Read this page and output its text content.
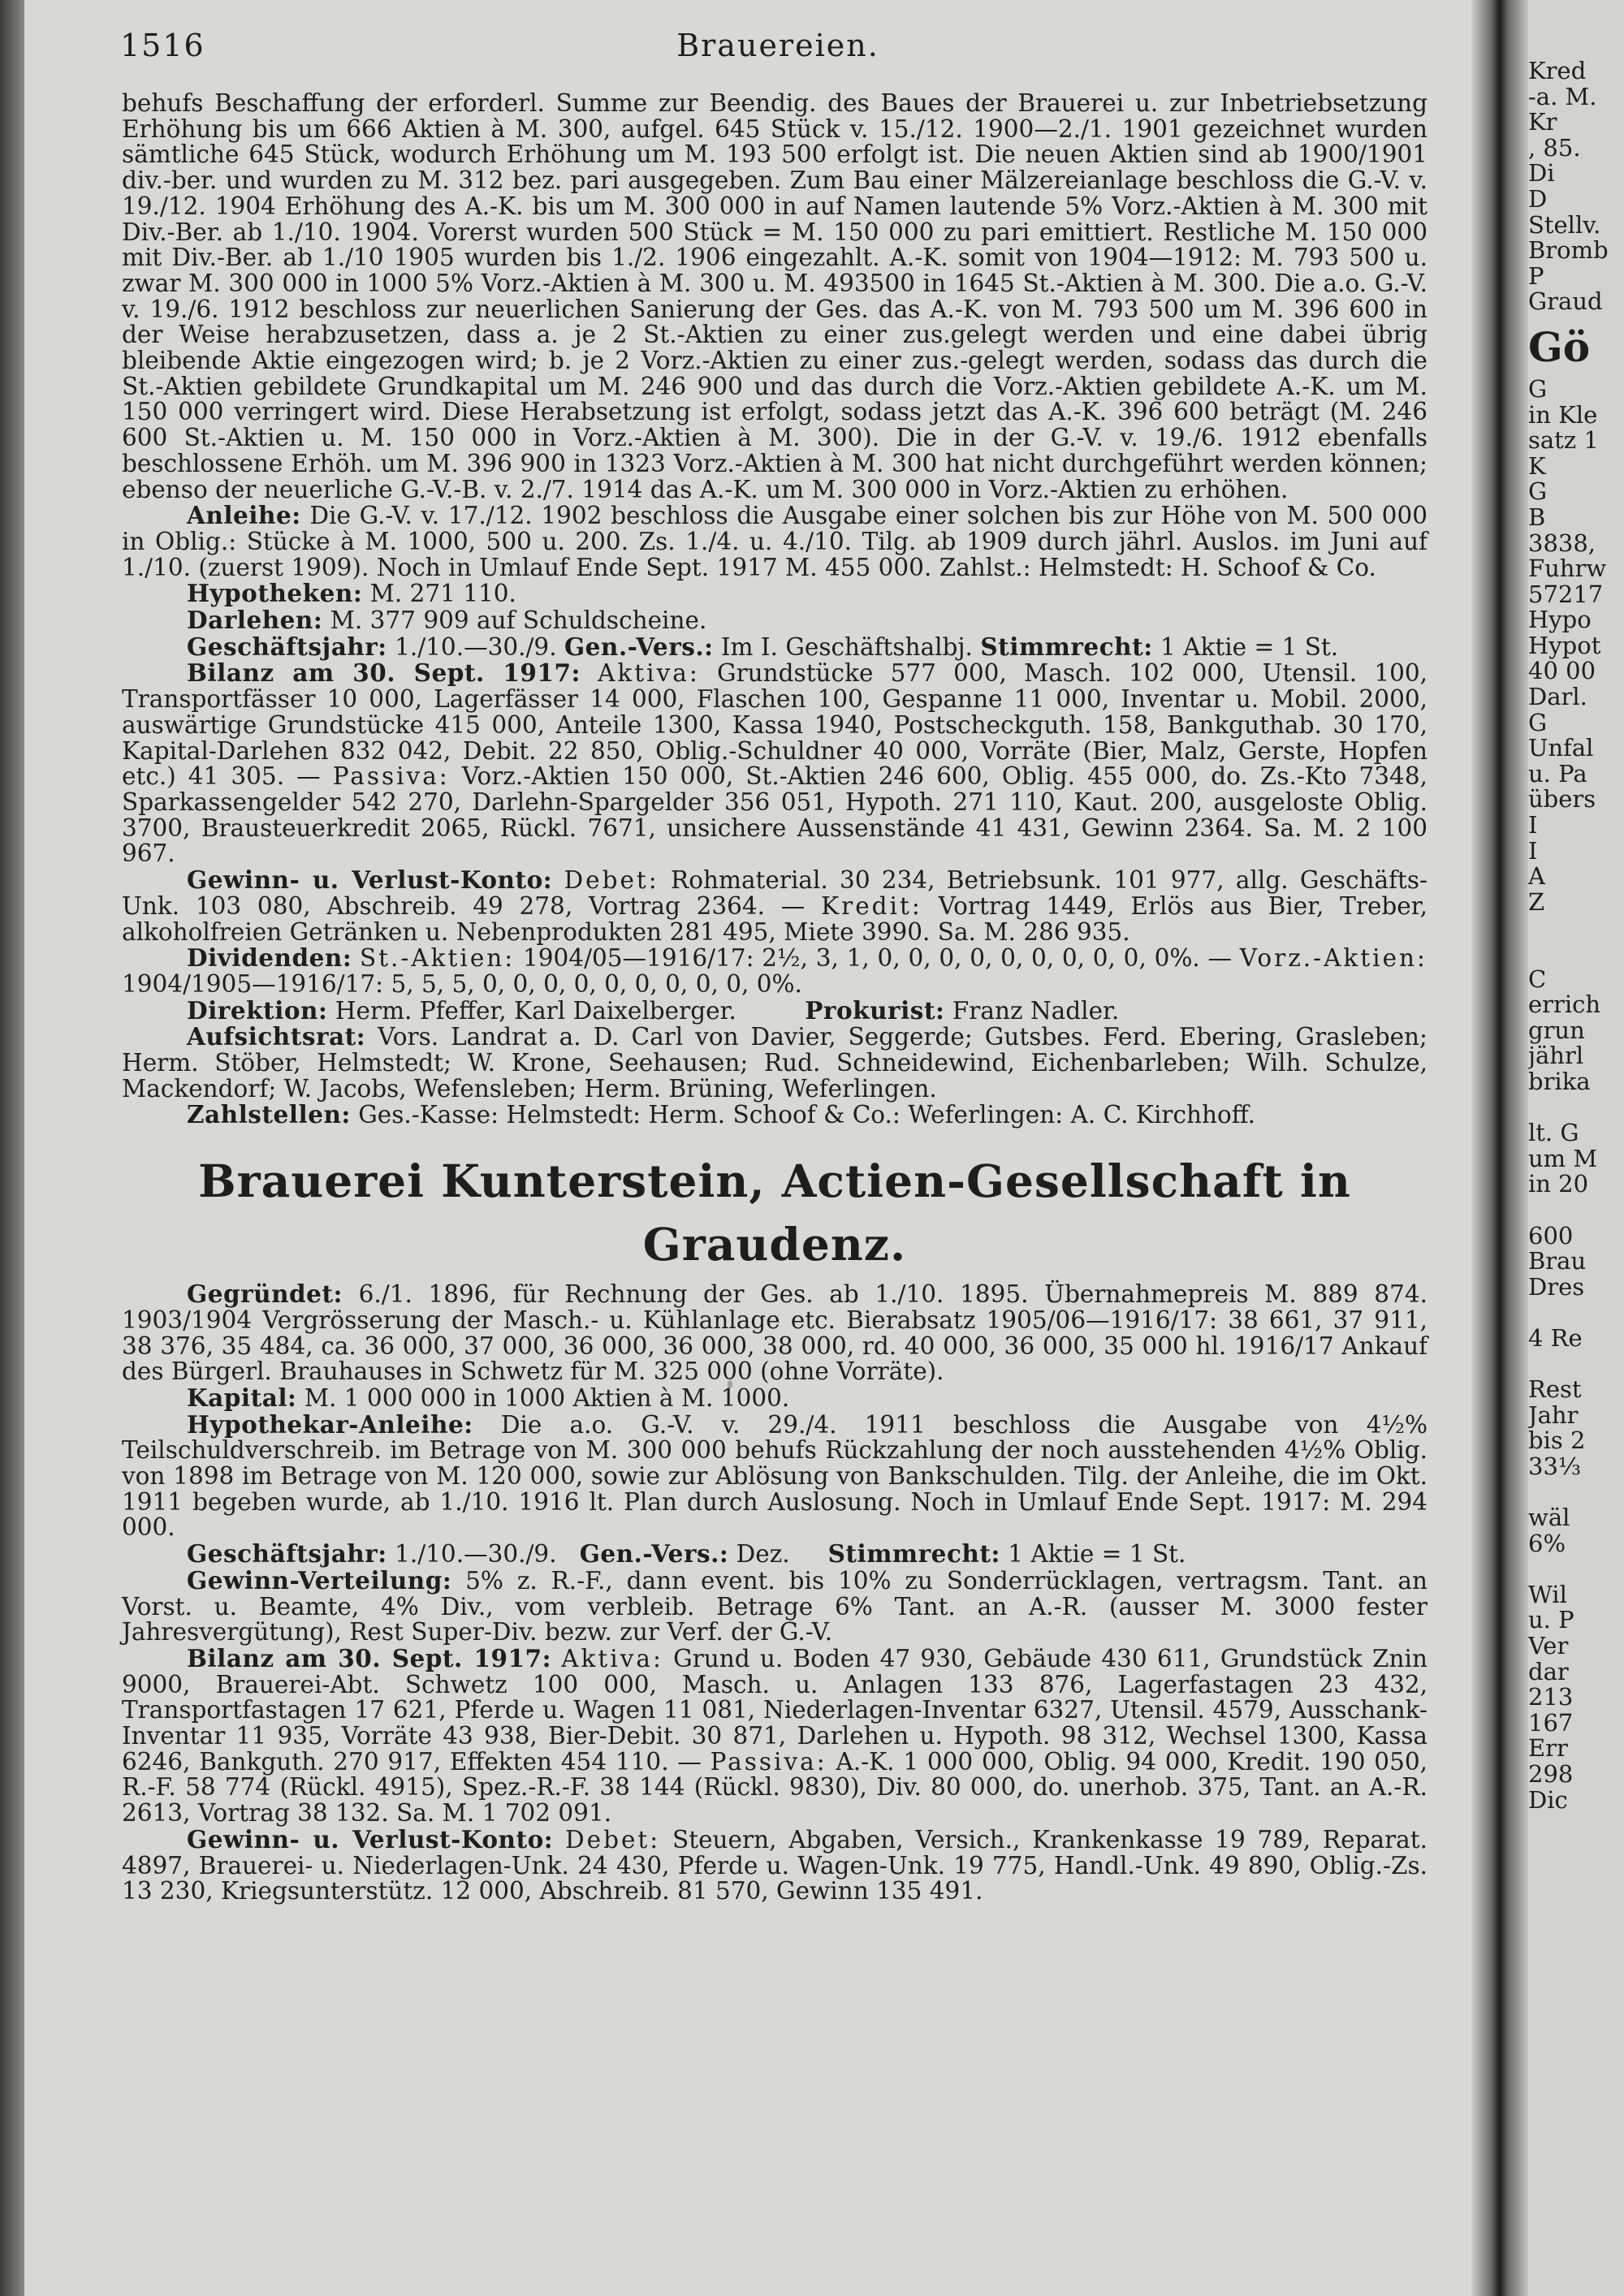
Kred
-a. M.
Kr
, 85.
Di
D
Stellv.
Bromb
P
Graud
Gö
G
in Kle
satz 1
K
G
B
3838,
Fuhrw
57217
Hypo
Hypot
40 00
Darl.
G
Unfal
u. Pa
übers
I
I
A
Z
C
errich
grun
jährl
brika
lt. G
um M
in 20
600
Brau
Dres
4 Re
Rest
Jahr
bis 2
33⅓
wäl
6%
Wil
u. P
Ver
dar
213
167
Err
298
Dic
1516	Brauereien.

behufs Beschaffung der erforderl. Summe zur Beendig. des Baues der Brauerei u. zur Inbetriebsetzung Erhöhung bis um 666 Aktien à M. 300, aufgel. 645 Stück v. 15./12. 1900—2./1. 1901 gezeichnet wurden sämtliche 645 Stück, wodurch Erhöhung um M. 193 500 erfolgt ist. Die neuen Aktien sind ab 1900/1901 div.-ber. und wurden zu M. 312 bez. pari ausgegeben. Zum Bau einer Mälzereianlage beschloss die G.-V. v. 19./12. 1904 Erhöhung des A.-K. bis um M. 300 000 in auf Namen lautende 5% Vorz.-Aktien à M. 300 mit Div.-Ber. ab 1./10. 1904. Vorerst wurden 500 Stück = M. 150 000 zu pari emittiert. Restliche M. 150 000 mit Div.-Ber. ab 1./10 1905 wurden bis 1./2. 1906 eingezahlt. A.-K. somit von 1904—1912: M. 793 500 u. zwar M. 300 000 in 1000 5% Vorz.-Aktien à M. 300 u. M. 493500 in 1645 St.-Aktien à M. 300. Die a.o. G.-V. v. 19./6. 1912 beschloss zur neuerlichen Sanierung der Ges. das A.-K. von M. 793 500 um M. 396 600 in der Weise herabzusetzen, dass a. je 2 St.-Aktien zu einer zus.gelegt werden und eine dabei übrig bleibende Aktie eingezogen wird; b. je 2 Vorz.-Aktien zu einer zus.-gelegt werden, sodass das durch die St.-Aktien gebildete Grundkapital um M. 246 900 und das durch die Vorz.-Aktien gebildete A.-K. um M. 150 000 verringert wird. Diese Herabsetzung ist erfolgt, sodass jetzt das A.-K. 396 600 beträgt (M. 246 600 St.-Aktien u. M. 150 000 in Vorz.-Aktien à M. 300). Die in der G.-V. v. 19./6. 1912 ebenfalls beschlossene Erhöh. um M. 396 900 in 1323 Vorz.-Aktien à M. 300 hat nicht durchgeführt werden können; ebenso der neuerliche G.-V.-B. v. 2./7. 1914 das A.-K. um M. 300 000 in Vorz.-Aktien zu erhöhen.

Anleihe: Die G.-V. v. 17./12. 1902 beschloss die Ausgabe einer solchen bis zur Höhe von M. 500 000 in Oblig.: Stücke à M. 1000, 500 u. 200. Zs. 1./4. u. 4./10. Tilg. ab 1909 durch jährl. Auslos. im Juni auf 1./10. (zuerst 1909). Noch in Umlauf Ende Sept. 1917 M. 455 000. Zahlst.: Helmstedt: H. Schoof & Co.

Hypotheken: M. 271 110.

Darlehen: M. 377 909 auf Schuldscheine.

Geschäftsjahr: 1./10.—30./9. Gen.-Vers.: Im I. Geschäftshalbj. Stimmrecht: 1 Aktie = 1 St.

Bilanz am 30. Sept. 1917: Aktiva: Grundstücke 577 000, Masch. 102 000, Utensil. 100, Transportfässer 10 000, Lagerfässer 14 000, Flaschen 100, Gespanne 11 000, Inventar u. Mobil. 2000, auswärtige Grundstücke 415 000, Anteile 1300, Kassa 1940, Postscheckguth. 158, Bankguthab. 30 170, Kapital-Darlehen 832 042, Debit. 22 850, Oblig.-Schuldner 40 000, Vorräte (Bier, Malz, Gerste, Hopfen etc.) 41 305. — Passiva: Vorz.-Aktien 150 000, St.-Aktien 246 600, Oblig. 455 000, do. Zs.-Kto 7348, Sparkassengelder 542 270, Darlehn-Spargelder 356 051, Hypoth. 271 110, Kaut. 200, ausgeloste Oblig. 3700, Brausteuerkredit 2065, Rückl. 7671, unsichere Aussenstände 41 431, Gewinn 2364. Sa. M. 2 100 967.

Gewinn- u. Verlust-Konto: Debet: Rohmaterial. 30 234, Betriebsunk. 101 977, allg. Geschäfts-Unk. 103 080, Abschreib. 49 278, Vortrag 2364. — Kredit: Vortrag 1449, Erlös aus Bier, Treber, alkoholfreien Getränken u. Nebenprodukten 281 495, Miete 3990. Sa. M. 286 935.

Dividenden: St.-Aktien: 1904/05—1916/17: 2½, 3, 1, 0, 0, 0, 0, 0, 0, 0, 0, 0, 0%. — Vorz.-Aktien: 1904/1905—1916/17: 5, 5, 5, 0, 0, 0, 0, 0, 0, 0, 0, 0, 0%.

Direktion: Herm. Pfeffer, Karl Daixelberger.	Prokurist: Franz Nadler.

Aufsichtsrat: Vors. Landrat a. D. Carl von Davier, Seggerde; Gutsbes. Ferd. Ebering, Grasleben; Herm. Stöber, Helmstedt; W. Krone, Seehausen; Rud. Schneidewind, Eichenbarleben; Wilh. Schulze, Mackendorf; W. Jacobs, Wefensleben; Herm. Brüning, Weferlingen.

Zahlstellen: Ges.-Kasse: Helmstedt: Herm. Schoof & Co.: Weferlingen: A. C. Kirchhoff.

Brauerei Kunterstein, Actien-Gesellschaft in Graudenz.

Gegründet: 6./1. 1896, für Rechnung der Ges. ab 1./10. 1895. Übernahmepreis M. 889 874. 1903/1904 Vergrösserung der Masch.- u. Kühlanlage etc. Bierabsatz 1905/06—1916/17: 38 661, 37 911, 38 376, 35 484, ca. 36 000, 37 000, 36 000, 36 000, 38 000, rd. 40 000, 36 000, 35 000 hl. 1916/17 Ankauf des Bürgerl. Brauhauses in Schwetz für M. 325 000 (ohne Vorräte).

Kapital: M. 1 000 000 in 1000 Aktien à M. 1000.

Hypothekar-Anleihe: Die a.o. G.-V. v. 29./4. 1911 beschloss die Ausgabe von 4½% Teilschuldverschreib. im Betrage von M. 300 000 behufs Rückzahlung der noch ausstehenden 4½% Oblig. von 1898 im Betrage von M. 120 000, sowie zur Ablösung von Bankschulden. Tilg. der Anleihe, die im Okt. 1911 begeben wurde, ab 1./10. 1916 lt. Plan durch Auslosung. Noch in Umlauf Ende Sept. 1917: M. 294 000.

Geschäftsjahr: 1./10.—30./9. Gen.-Vers.: Dez. Stimmrecht: 1 Aktie = 1 St.

Gewinn-Verteilung: 5% z. R.-F., dann event. bis 10% zu Sonderrücklagen, vertragsm. Tant. an Vorst. u. Beamte, 4% Div., vom verbleib. Betrage 6% Tant. an A.-R. (ausser M. 3000 fester Jahresvergütung), Rest Super-Div. bezw. zur Verf. der G.-V.

Bilanz am 30. Sept. 1917: Aktiva: Grund u. Boden 47 930, Gebäude 430 611, Grundstück Znin 9000, Brauerei-Abt. Schwetz 100 000, Masch. u. Anlagen 133 876, Lagerfastagen 23 432, Transportfastagen 17 621, Pferde u. Wagen 11 081, Niederlagen-Inventar 6327, Utensil. 4579, Ausschank-Inventar 11 935, Vorräte 43 938, Bier-Debit. 30 871, Darlehen u. Hypoth. 98 312, Wechsel 1300, Kassa 6246, Bankguth. 270 917, Effekten 454 110. — Passiva: A.-K. 1 000 000, Oblig. 94 000, Kredit. 190 050, R.-F. 58 774 (Rückl. 4915), Spez.-R.-F. 38 144 (Rückl. 9830), Div. 80 000, do. unerhob. 375, Tant. an A.-R. 2613, Vortrag 38 132. Sa. M. 1 702 091.

Gewinn- u. Verlust-Konto: Debet: Steuern, Abgaben, Versich., Krankenkasse 19 789, Reparat. 4897, Brauerei- u. Niederlagen-Unk. 24 430, Pferde u. Wagen-Unk. 19 775, Handl.-Unk. 49 890, Oblig.-Zs. 13 230, Kriegsunterstütz. 12 000, Abschreib. 81 570, Gewinn 135 491.
